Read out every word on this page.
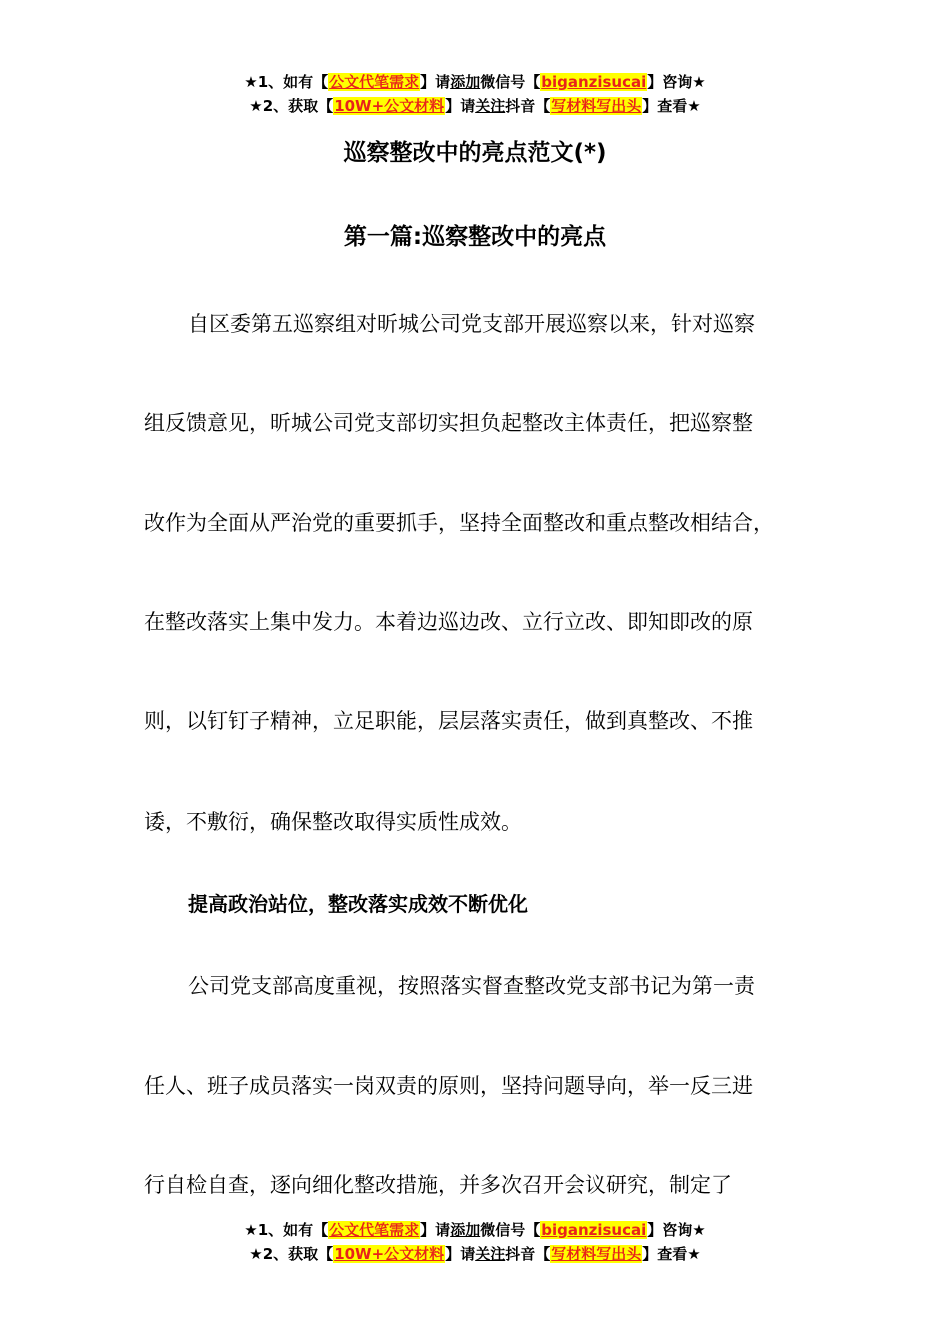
★1、如有【公文代笔需求】请添加微信号【biganzisucai】咨询★
★2、获取【10W+公文材料】请关注抖音【写材料写出头】查看★
巡察整改中的亮点范文(*)
第一篇:巡察整改中的亮点
自区委第五巡察组对昕城公司党支部开展巡察以来，针对巡察
组反馈意见，昕城公司党支部切实担负起整改主体责任，把巡察整
改作为全面从严治党的重要抓手，坚持全面整改和重点整改相结合，
在整改落实上集中发力。本着边巡边改、立行立改、即知即改的原
则，以钉钉子精神，立足职能，层层落实责任，做到真整改、不推
诿，不敷衍，确保整改取得实质性成效。
提高政治站位，整改落实成效不断优化
公司党支部高度重视，按照落实督查整改党支部书记为第一责
任人、班子成员落实一岗双责的原则，坚持问题导向，举一反三进
行自检自查，逐向细化整改措施，并多次召开会议研究，制定了
★1、如有【公文代笔需求】请添加微信号【biganzisucai】咨询★
★2、获取【10W+公文材料】请关注抖音【写材料写出头】查看★
